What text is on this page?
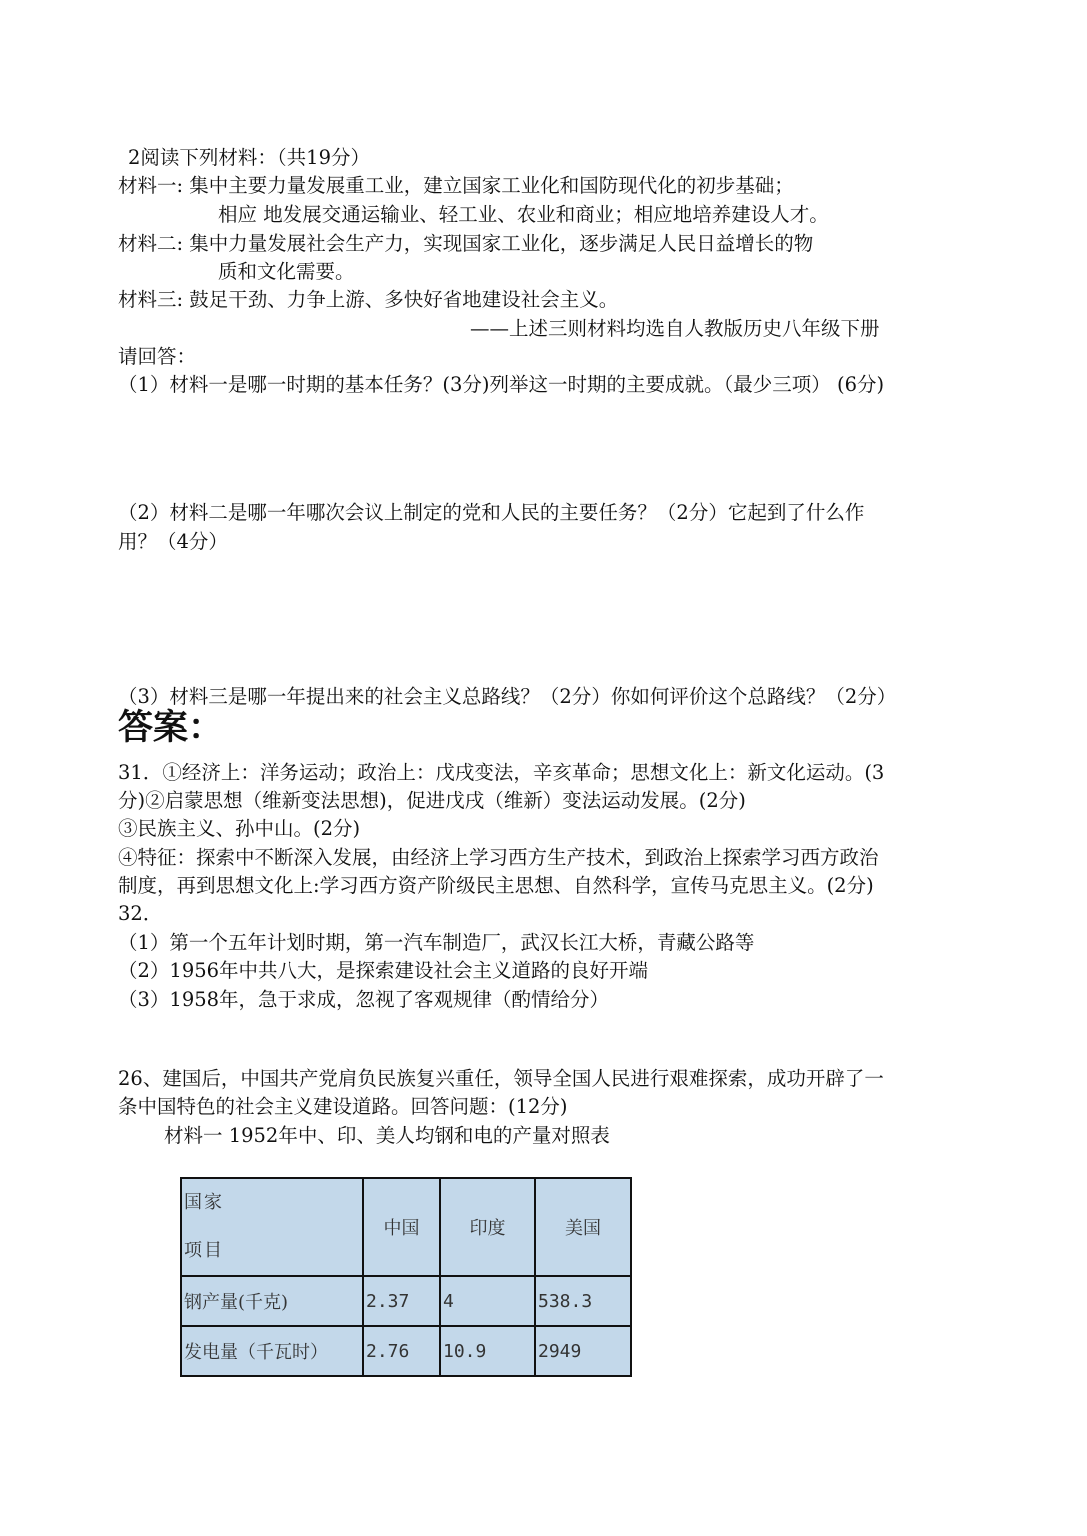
2阅读下列材料：（共19分）
材料一: 集中主要力量发展重工业，建立国家工业化和国防现代化的初步基础；
相应 地发展交通运输业、轻工业、农业和商业；相应地培养建设人才。
材料二: 集中力量发展社会生产力，实现国家工业化，逐步满足人民日益增长的物
质和文化需要。
材料三: 鼓足干劲、力争上游、多快好省地建设社会主义。
——上述三则材料均选自人教版历史八年级下册
请回答：
（1）材料一是哪一时期的基本任务？(3分)列举这一时期的主要成就。（最少三项） (6分)
（2）材料二是哪一年哪次会议上制定的党和人民的主要任务？（2分）它起到了什么作
用？（4分）
（3）材料三是哪一年提出来的社会主义总路线？（2分）你如何评价这个总路线？（2分）
答案：
31．①经济上：洋务运动；政治上：戊戌变法，辛亥革命；思想文化上：新文化运动。(3
分)②启蒙思想（维新变法思想)，促进戊戌（维新）变法运动发展。(2分)
③民族主义、孙中山。(2分)
④特征：探索中不断深入发展，由经济上学习西方生产技术，到政治上探索学习西方政治
制度，再到思想文化上:学习西方资产阶级民主思想、自然科学，宣传马克思主义。(2分)
32．
（1）第一个五年计划时期，第一汽车制造厂，武汉长江大桥，青藏公路等
（2）1956年中共八大，是探索建设社会主义道路的良好开端
（3）1958年，急于求成，忽视了客观规律（酌情给分）
26、建国后，中国共产党肩负民族复兴重任，领导全国人民进行艰难探索，成功开辟了一
条中国特色的社会主义建设道路。回答问题：(12分)
材料一 1952年中、印、美人均钢和电的产量对照表
国家
项目	中国	印度	美国
钢产量(千克)	2.37	4	538.3
发电量（千瓦时）	2.76	10.9	2949
